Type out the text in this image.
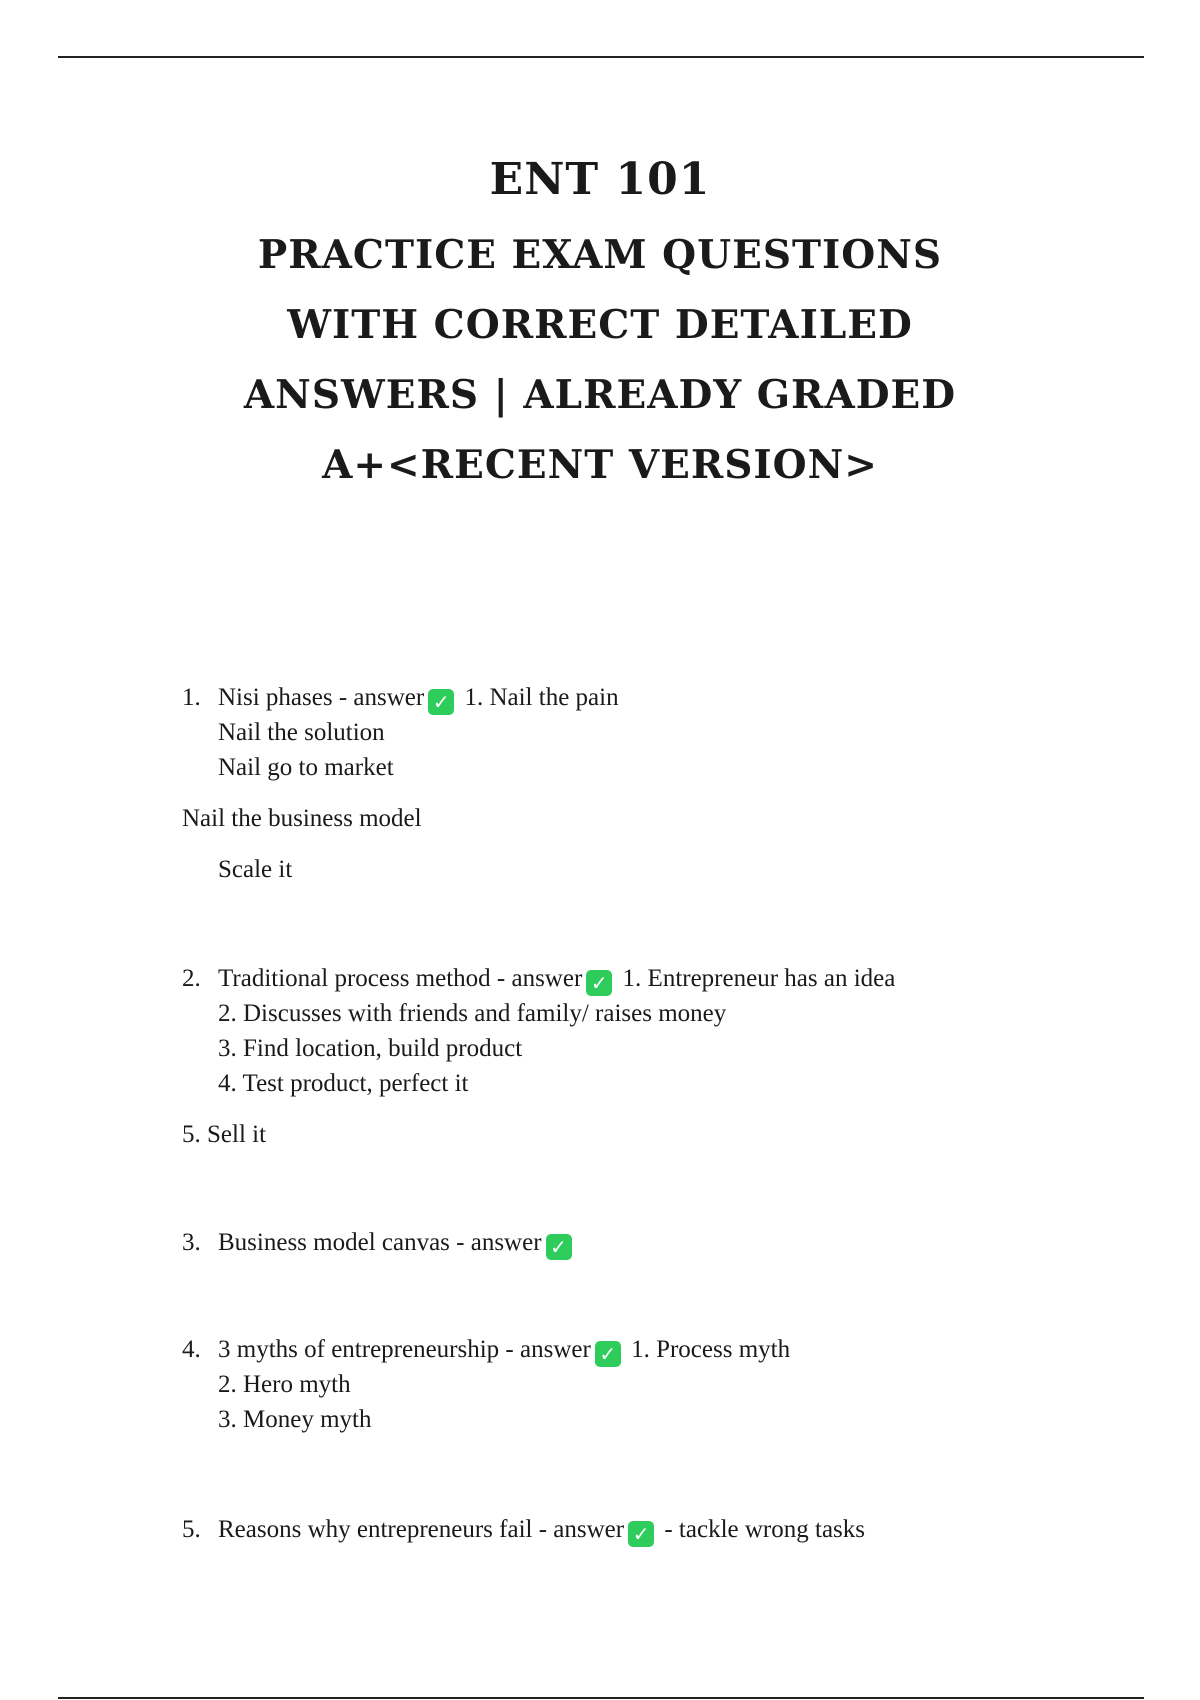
ENT 101
PRACTICE EXAM QUESTIONS WITH CORRECT DETAILED ANSWERS | ALREADY GRADED A+<RECENT VERSION>
1. Nisi phases - answer ✓ 1. Nail the pain
Nail the solution
Nail go to market
Nail the business model
Scale it
2. Traditional process method - answer ✓ 1. Entrepreneur has an idea
2. Discusses with friends and family/ raises money
3. Find location, build product
4. Test product, perfect it
5. Sell it
3. Business model canvas - answer ✓
4. 3 myths of entrepreneurship - answer ✓ 1. Process myth
2. Hero myth
3. Money myth
5. Reasons why entrepreneurs fail - answer ✓ - tackle wrong tasks
